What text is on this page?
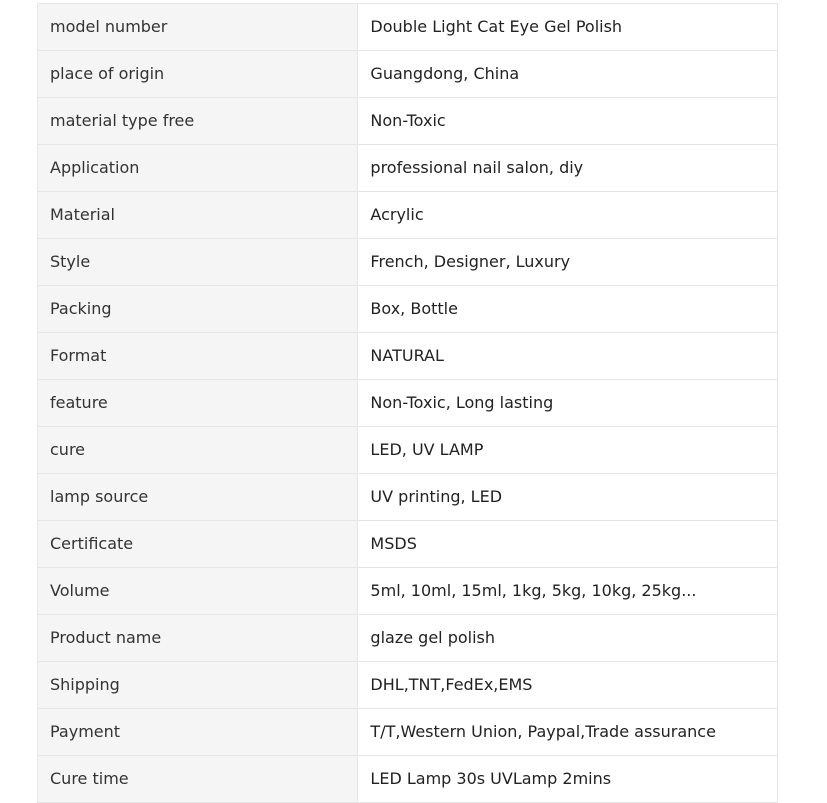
model number	Double Light Cat Eye Gel Polish
place of origin	Guangdong, China
material type free	Non-Toxic
Application	professional nail salon, diy
Material	Acrylic
Style	French, Designer, Luxury
Packing	Box, Bottle
Format	NATURAL
feature	Non-Toxic, Long lasting
cure	LED, UV LAMP
lamp source	UV printing, LED
Certificate	MSDS
Volume	5ml, 10ml, 15ml, 1kg, 5kg, 10kg, 25kg...
Product name	glaze gel polish
Shipping	DHL,TNT,FedEx,EMS
Payment	T/T,Western Union, Paypal,Trade assurance
Cure time	LED Lamp 30s UVLamp 2mins
